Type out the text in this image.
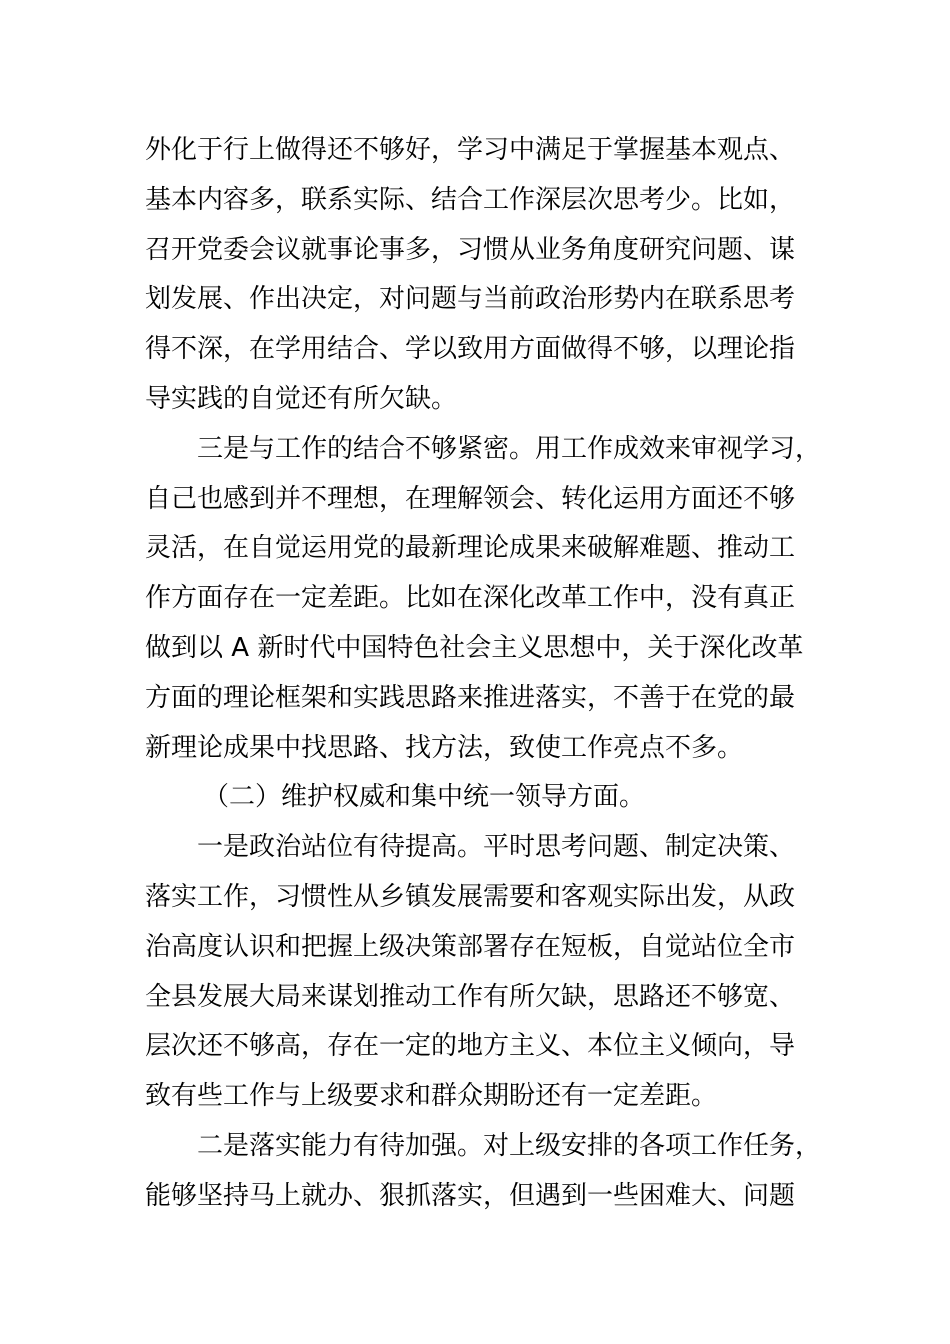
外化于行上做得还不够好，学习中满足于掌握基本观点、
基本内容多，联系实际、结合工作深层次思考少。比如，
召开党委会议就事论事多，习惯从业务角度研究问题、谋
划发展、作出决定，对问题与当前政治形势内在联系思考
得不深，在学用结合、学以致用方面做得不够，以理论指
导实践的自觉还有所欠缺。
三是与工作的结合不够紧密。用工作成效来审视学习，
自己也感到并不理想，在理解领会、转化运用方面还不够
灵活，在自觉运用党的最新理论成果来破解难题、推动工
作方面存在一定差距。比如在深化改革工作中，没有真正
做到以 A 新时代中国特色社会主义思想中，关于深化改革
方面的理论框架和实践思路来推进落实，不善于在党的最
新理论成果中找思路、找方法，致使工作亮点不多。
（二）维护权威和集中统一领导方面。
一是政治站位有待提高。平时思考问题、制定决策、
落实工作，习惯性从乡镇发展需要和客观实际出发，从政
治高度认识和把握上级决策部署存在短板，自觉站位全市
全县发展大局来谋划推动工作有所欠缺，思路还不够宽、
层次还不够高，存在一定的地方主义、本位主义倾向，导
致有些工作与上级要求和群众期盼还有一定差距。
二是落实能力有待加强。对上级安排的各项工作任务，
能够坚持马上就办、狠抓落实，但遇到一些困难大、问题
